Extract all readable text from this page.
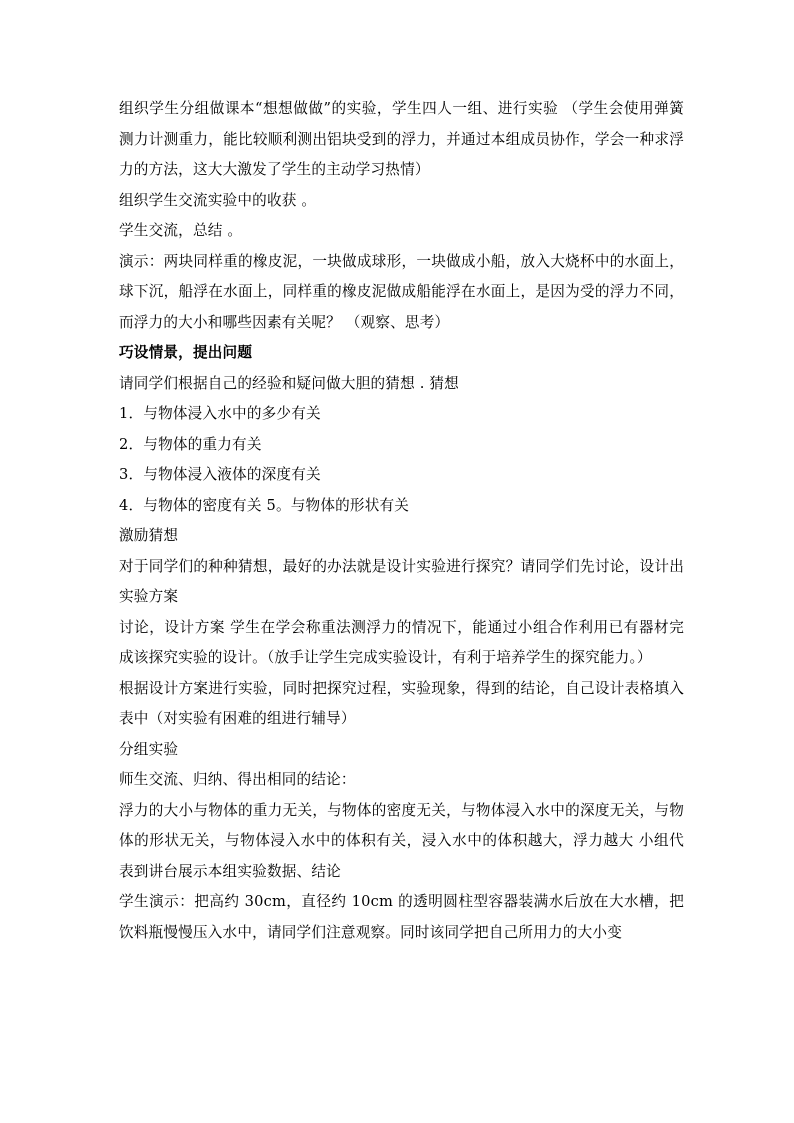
组织学生分组做课本“想想做做”的实验，学生四人一组、进行实验 （学生会使用弹簧测力计测重力，能比较顺利测出铝块受到的浮力，并通过本组成员协作，学会一种求浮力的方法，这大大激发了学生的主动学习热情）

组织学生交流实验中的收获 。

学生交流，总结 。

演示：两块同样重的橡皮泥，一块做成球形，一块做成小船，放入大烧杯中的水面上，球下沉，船浮在水面上，同样重的橡皮泥做成船能浮在水面上，是因为受的浮力不同，而浮力的大小和哪些因素有关呢？ （观察、思考）

巧设情景，提出问题

请同学们根据自己的经验和疑问做大胆的猜想 . 猜想

1．与物体浸入水中的多少有关

2．与物体的重力有关

3．与物体浸入液体的深度有关

4．与物体的密度有关 5。与物体的形状有关

激励猜想

对于同学们的种种猜想，最好的办法就是设计实验进行探究？请同学们先讨论，设计出实验方案

讨论，设计方案 学生在学会称重法测浮力的情况下，能通过小组合作利用已有器材完成该探究实验的设计。（放手让学生完成实验设计，有利于培养学生的探究能力。）

根据设计方案进行实验，同时把探究过程，实验现象，得到的结论，自己设计表格填入表中（对实验有困难的组进行辅导）

分组实验

师生交流、归纳、得出相同的结论：

浮力的大小与物体的重力无关，与物体的密度无关，与物体浸入水中的深度无关，与物体的形状无关，与物体浸入水中的体积有关，浸入水中的体积越大，浮力越大 小组代表到讲台展示本组实验数据、结论

学生演示：把高约 30cm，直径约 10cm 的透明圆柱型容器装满水后放在大水槽，把饮料瓶慢慢压入水中，请同学们注意观察。同时该同学把自己所用力的大小变
